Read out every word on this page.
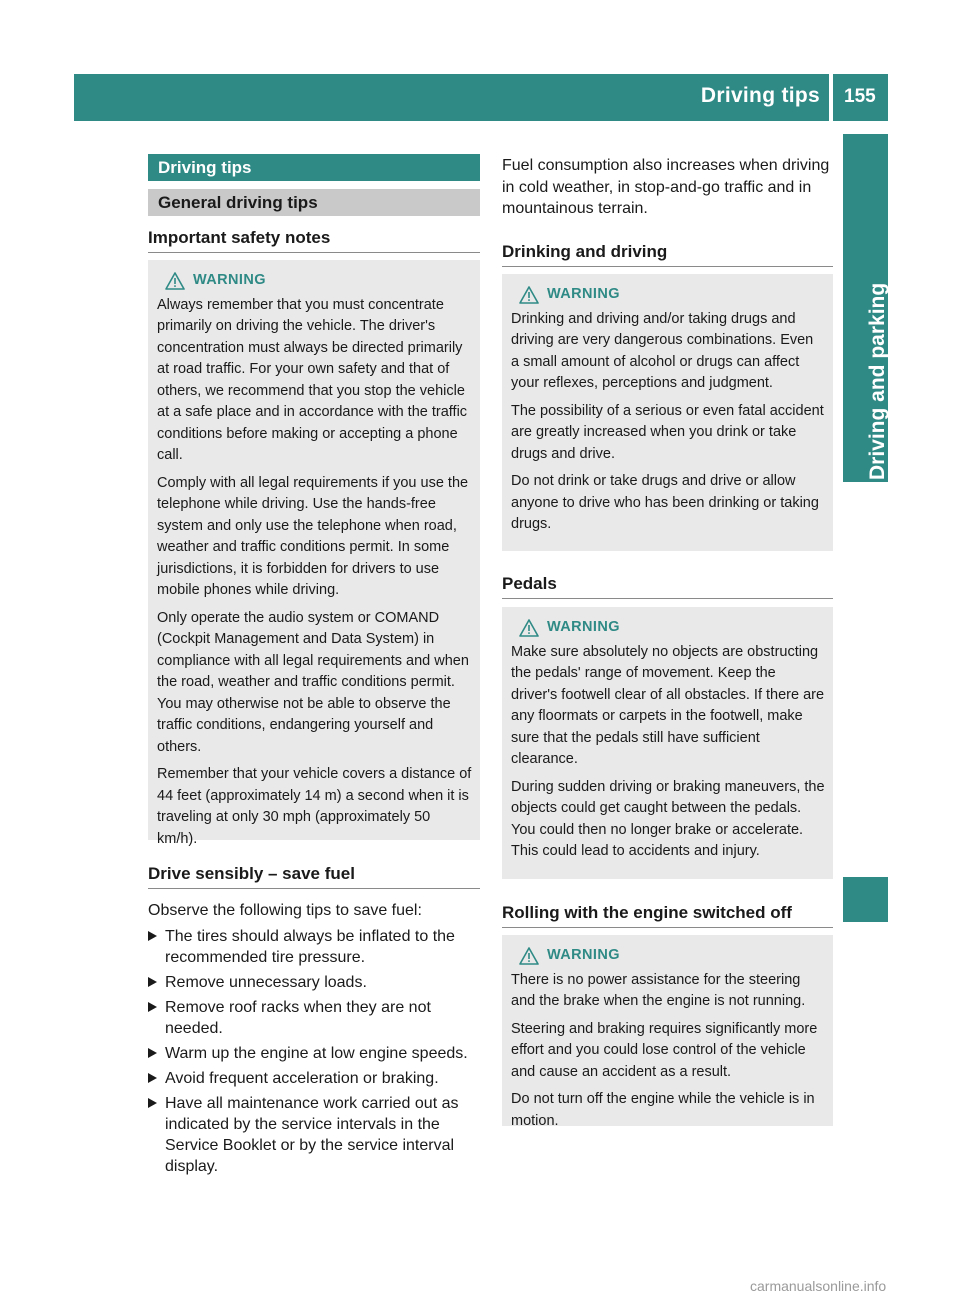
Driving tips 155
Driving and parking
Driving tips
General driving tips
Important safety notes
WARNING

Always remember that you must concentrate primarily on driving the vehicle. The driver's concentration must always be directed primarily at road traffic. For your own safety and that of others, we recommend that you stop the vehicle at a safe place and in accordance with the traffic conditions before making or accepting a phone call.

Comply with all legal requirements if you use the telephone while driving. Use the hands-free system and only use the telephone when road, weather and traffic conditions permit. In some jurisdictions, it is forbidden for drivers to use mobile phones while driving.

Only operate the audio system or COMAND (Cockpit Management and Data System) in compliance with all legal requirements and when the road, weather and traffic conditions permit. You may otherwise not be able to observe the traffic conditions, endangering yourself and others.

Remember that your vehicle covers a distance of 44 feet (approximately 14 m) a second when it is traveling at only 30 mph (approximately 50 km/h).

Drive sensibly – save fuel

Observe the following tips to save fuel:

The tires should always be inflated to the recommended tire pressure.
Remove unnecessary loads.
Remove roof racks when they are not needed.
Warm up the engine at low engine speeds.
Avoid frequent acceleration or braking.
Have all maintenance work carried out as indicated by the service intervals in the Service Booklet or by the service interval display.

Fuel consumption also increases when driving in cold weather, in stop-and-go traffic and in mountainous terrain.

Drinking and driving
WARNING

Drinking and driving and/or taking drugs and driving are very dangerous combinations. Even a small amount of alcohol or drugs can affect your reflexes, perceptions and judgment.

The possibility of a serious or even fatal accident are greatly increased when you drink or take drugs and drive.

Do not drink or take drugs and drive or allow anyone to drive who has been drinking or taking drugs.

Pedals
WARNING

Make sure absolutely no objects are obstructing the pedals' range of movement. Keep the driver's footwell clear of all obstacles. If there are any floormats or carpets in the footwell, make sure that the pedals still have sufficient clearance.

During sudden driving or braking maneuvers, the objects could get caught between the pedals. You could then no longer brake or accelerate. This could lead to accidents and injury.

Rolling with the engine switched off
WARNING

There is no power assistance for the steering and the brake when the engine is not running.

Steering and braking requires significantly more effort and you could lose control of the vehicle and cause an accident as a result.

Do not turn off the engine while the vehicle is in motion.

carmanualsonline.info
